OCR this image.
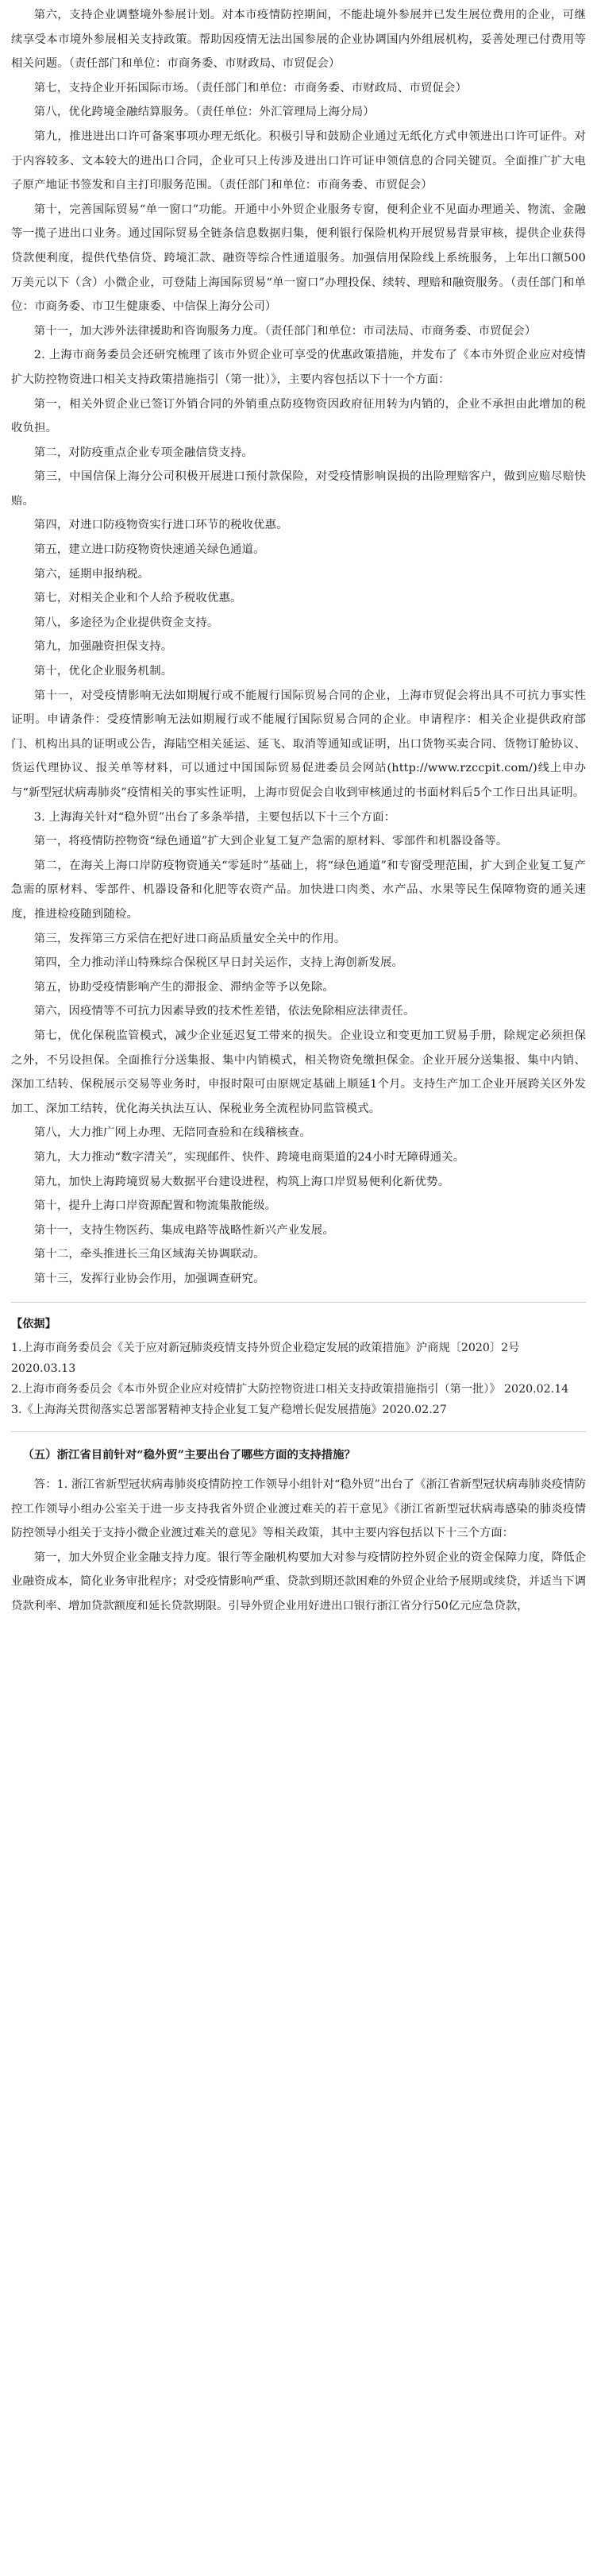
第六，支持企业调整境外参展计划。对本市疫情防控期间，不能赴境外参展并已发生展位费用的企业，可继续享受本市境外参展相关支持政策。帮助因疫情无法出国参展的企业协调国内外组展机构，妥善处理已付费用等相关问题。（责任部门和单位：市商务委、市财政局、市贸促会）

第七，支持企业开拓国际市场。（责任部门和单位：市商务委、市财政局、市贸促会）

第八，优化跨境金融结算服务。（责任单位：外汇管理局上海分局）

第九，推进进出口许可备案事项办理无纸化。积极引导和鼓励企业通过无纸化方式申领进出口许可证件。对于内容较多、文本较大的进出口合同，企业可只上传涉及进出口许可证申领信息的合同关键页。全面推广扩大电子原产地证书签发和自主打印服务范围。（责任部门和单位：市商务委、市贸促会）

第十，完善国际贸易“单一窗口”功能。开通中小外贸企业服务专窗，便利企业不见面办理通关、物流、金融等一揽子进出口业务。通过国际贸易全链条信息数据归集，便利银行保险机构开展贸易背景审核，提供企业获得贷款便利度，提供代垫信贷、跨境汇款、融资等综合性通道服务。加强信用保险线上系统服务，上年出口额500万美元以下（含）小微企业，可登陆上海国际贸易“单一窗口”办理投保、续转、理赔和融资服务。（责任部门和单位：市商务委、市卫生健康委、中信保上海分公司）

第十一，加大涉外法律援助和咨询服务力度。（责任部门和单位：市司法局、市商务委、市贸促会）

2. 上海市商务委员会还研究梳理了该市外贸企业可享受的优惠政策措施，并发布了《本市外贸企业应对疫情扩大防控物资进口相关支持政策措施指引（第一批）》，主要内容包括以下十一个方面：

第一，相关外贸企业已签订外销合同的外销重点防疫物资因政府征用转为内销的，企业不承担由此增加的税收负担。

第二，对防疫重点企业专项金融信贷支持。

第三，中国信保上海分公司积极开展进口预付款保险，对受疫情影响误损的出险理赔客户，做到应赔尽赔快赔。

第四，对进口防疫物资实行进口环节的税收优惠。

第五，建立进口防疫物资快速通关绿色通道。

第六，延期申报纳税。

第七，对相关企业和个人给予税收优惠。

第八，多途径为企业提供资金支持。

第九，加强融资担保支持。

第十，优化企业服务机制。

第十一，对受疫情影响无法如期履行或不能履行国际贸易合同的企业，上海市贸促会将出具不可抗力事实性证明。申请条件：受疫情影响无法如期履行或不能履行国际贸易合同的企业。申请程序：相关企业提供政府部门、机构出具的证明或公告，海陆空相关延运、延飞、取消等通知或证明，出口货物买卖合同、货物订舱协议、货运代理协议、报关单等材料，可以通过中国国际贸易促进委员会网站(http://www.rzccpit.com/)线上申办与“新型冠状病毒肺炎”疫情相关的事实性证明，上海市贸促会自收到审核通过的书面材料后5个工作日出具证明。

3. 上海海关针对“稳外贸”出台了多条举措，主要包括以下十三个方面：

第一，将疫情防控物资“绿色通道”扩大到企业复工复产急需的原材料、零部件和机器设备等。

第二，在海关上海口岸防疫物资通关“零延时”基础上，将“绿色通道”和专窗受理范围，扩大到企业复工复产急需的原材料、零部件、机器设备和化肥等农资产品。加快进口肉类、水产品、水果等民生保障物资的通关速度，推进检疫随到随检。

第三，发挥第三方采信在把好进口商品质量安全关中的作用。

第四，全力推动洋山特殊综合保税区早日封关运作，支持上海创新发展。

第五，协助受疫情影响产生的滞报金、滞纳金等予以免除。

第六，因疫情等不可抗力因素导致的技术性差错，依法免除相应法律责任。

第七，优化保税监管模式，减少企业延迟复工带来的损失。企业设立和变更加工贸易手册，除规定必须担保之外，不另设担保。全面推行分送集报、集中内销模式，相关物资免缴担保金。企业开展分送集报、集中内销、深加工结转、保税展示交易等业务时，申报时限可由原规定基础上顺延1个月。支持生产加工企业开展跨关区外发加工、深加工结转，优化海关执法互认、保税业务全流程协同监管模式。

第八，大力推广网上办理、无陪同查验和在线稽核查。

第九，大力推动“数字清关”，实现邮件、快件、跨境电商渠道的24小时无障碍通关。

第九，加快上海跨境贸易大数据平台建设进程，构筑上海口岸贸易便利化新优势。

第十，提升上海口岸资源配置和物流集散能级。

第十一，支持生物医药、集成电路等战略性新兴产业发展。

第十二，牵头推进长三角区域海关协调联动。

第十三，发挥行业协会作用，加强调查研究。

【依据】

1.上海市商务委员会《关于应对新冠肺炎疫情支持外贸企业稳定发展的政策措施》沪商规〔2020〕2号 2020.03.13

2.上海市商务委员会《本市外贸企业应对疫情扩大防控物资进口相关支持政策措施指引（第一批）》 2020.02.14

3.《上海海关贯彻落实总署部署精神支持企业复工复产稳增长促发展措施》2020.02.27

（五）浙江省目前针对“稳外贸”主要出台了哪些方面的支持措施？

答：1. 浙江省新型冠状病毒肺炎疫情防控工作领导小组针对“稳外贸”出台了《浙江省新型冠状病毒肺炎疫情防控工作领导小组办公室关于进一步支持我省外贸企业渡过难关的若干意见》《浙江省新型冠状病毒感染的肺炎疫情防控领导小组关于支持小微企业渡过难关的意见》等相关政策，其中主要内容包括以下十三个方面：

第一，加大外贸企业金融支持力度。银行等金融机构要加大对参与疫情防控外贸企业的资金保障力度，降低企业融资成本，简化业务审批程序；对受疫情影响严重、贷款到期还款困难的外贸企业给予展期或续贷，并适当下调贷款利率、增加贷款额度和延长贷款期限。引导外贸企业用好进出口银行浙江省分行50亿元应急贷款，
